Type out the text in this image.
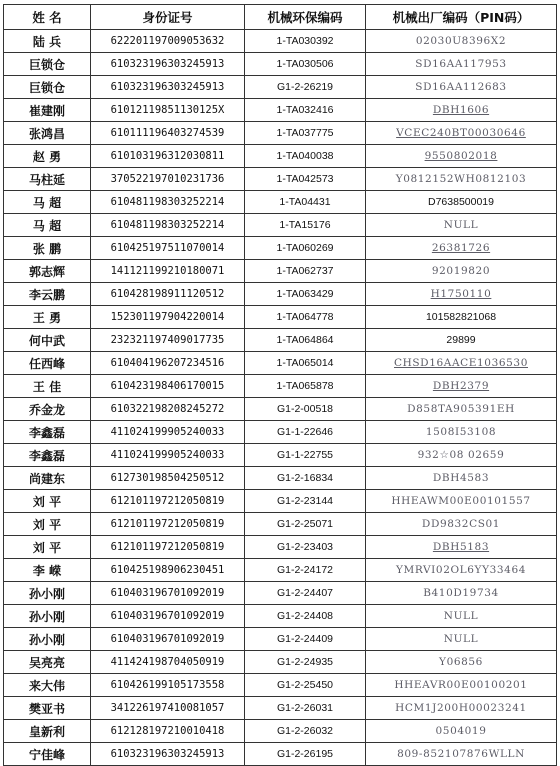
姓 名	身份证号	机械环保编码	机械出厂编码（PIN码）
陆 兵	622201197009053632	1-TA030392	02030U8396X2
巨锁仓	610323196303245913	1-TA030506	SD16AA117953
巨锁仓	610323196303245913	G1-2-26219	SD16AA112683
崔建刚	61012119851130125X	1-TA032416	DBH1606
张鸿昌	610111196403274539	1-TA037775	VCEC240BT00030646
赵 勇	610103196312030811	1-TA040038	9550802018
马柱延	370522197010231736	1-TA042573	Y0812152WH0812103
马 超	610481198303252214	1-TA04431	D7638500019
马 超	610481198303252214	1-TA15176	NULL
张 鹏	610425197511070014	1-TA060269	26381726
郭志辉	141121199210180071	1-TA062737	92019820
李云鹏	610428198911120512	1-TA063429	H1750110
王 勇	152301197904220014	1-TA064778	101582821068
何中武	232321197409017735	1-TA064864	29899
任西峰	610404196207234516	1-TA065014	CHSD16AACE1036530
王 佳	610423198406170015	1-TA065878	DBH2379
乔金龙	610322198208245272	G1-2-00518	D858TA905391EH
李鑫磊	411024199905240033	G1-1-22646	1508I53108
李鑫磊	411024199905240033	G1-1-22755	932☆08 02659
尚建东	612730198504250512	G1-2-16834	DBH4583
刘 平	612101197212050819	G1-2-23144	HHEAWM00E00101557
刘 平	612101197212050819	G1-2-25071	DD9832CS01
刘 平	612101197212050819	G1-2-23403	DBH5183
李 嵘	610425198906230451	G1-2-24172	YMRVI02OL6YY33464
孙小刚	610403196701092019	G1-2-24407	B410D19734
孙小刚	610403196701092019	G1-2-24408	NULL
孙小刚	610403196701092019	G1-2-24409	NULL
吴亮亮	411424198704050919	G1-2-24935	Y06856
来大伟	610426199105173558	G1-2-25450	HHEAVR00E00100201
樊亚书	341226197410081057	G1-2-26031	HCM1J200H00023241
皇新利	612128197210010418	G1-2-26032	0504019
宁佳峰	610323196303245913	G1-2-26195	809-852107876WLLN
